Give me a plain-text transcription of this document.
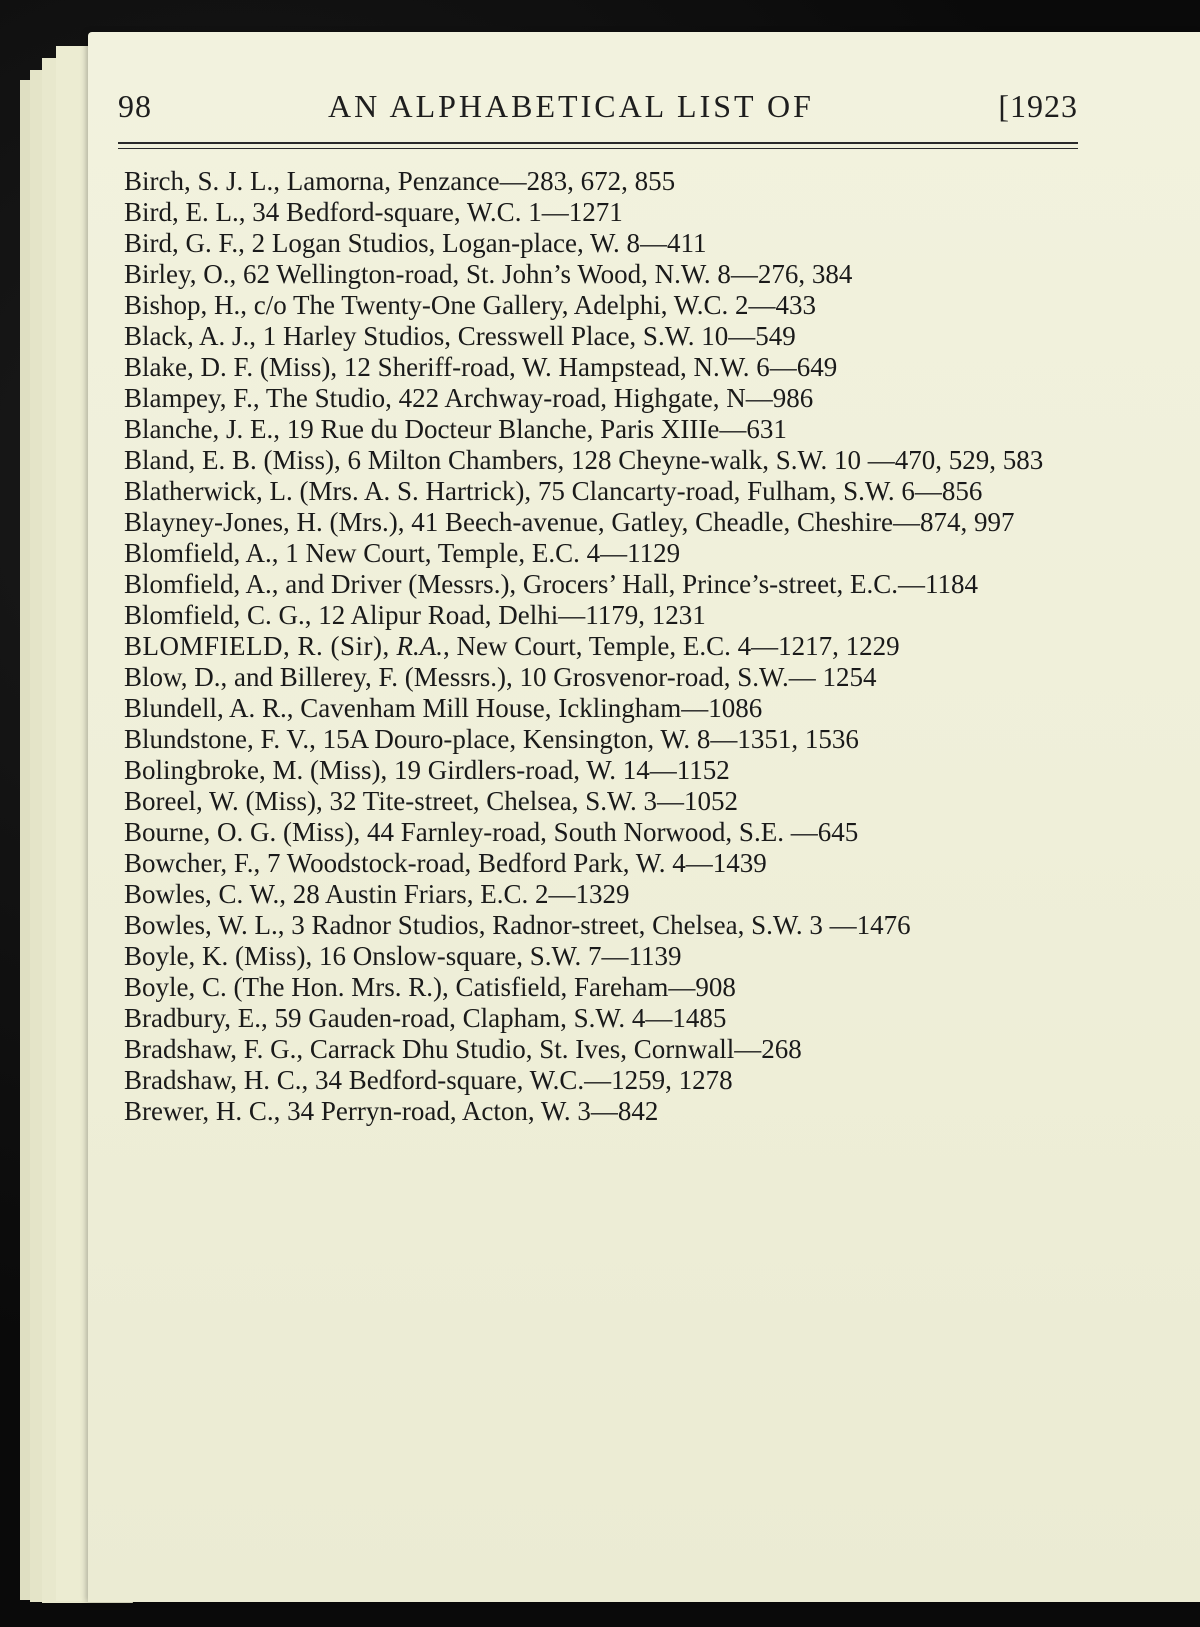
98	AN ALPHABETICAL LIST OF	[1923
Birch, S. J. L., Lamorna, Penzance—283, 672, 855
Bird, E. L., 34 Bedford-square, W.C. 1—1271
Bird, G. F., 2 Logan Studios, Logan-place, W. 8—411
Birley, O., 62 Wellington-road, St. John’s Wood, N.W. 8—276, 384
Bishop, H., c/o The Twenty-One Gallery, Adelphi, W.C. 2—433
Black, A. J., 1 Harley Studios, Cresswell Place, S.W. 10—549
Blake, D. F. (Miss), 12 Sheriff-road, W. Hampstead, N.W. 6—649
Blampey, F., The Studio, 422 Archway-road, Highgate, N—986
Blanche, J. E., 19 Rue du Docteur Blanche, Paris XIIIe—631
Bland, E. B. (Miss), 6 Milton Chambers, 128 Cheyne-walk, S.W. 10 —470, 529, 583
Blatherwick, L. (Mrs. A. S. Hartrick), 75 Clancarty-road, Fulham, S.W. 6—856
Blayney-Jones, H. (Mrs.), 41 Beech-avenue, Gatley, Cheadle, Cheshire—874, 997
Blomfield, A., 1 New Court, Temple, E.C. 4—1129
Blomfield, A., and Driver (Messrs.), Grocers’ Hall, Prince’s-street, E.C.—1184
Blomfield, C. G., 12 Alipur Road, Delhi—1179, 1231
BLOMFIELD, R. (Sir), R.A., New Court, Temple, E.C. 4—1217, 1229
Blow, D., and Billerey, F. (Messrs.), 10 Grosvenor-road, S.W.— 1254
Blundell, A. R., Cavenham Mill House, Icklingham—1086
Blundstone, F. V., 15A Douro-place, Kensington, W. 8—1351, 1536
Bolingbroke, M. (Miss), 19 Girdlers-road, W. 14—1152
Boreel, W. (Miss), 32 Tite-street, Chelsea, S.W. 3—1052
Bourne, O. G. (Miss), 44 Farnley-road, South Norwood, S.E. —645
Bowcher, F., 7 Woodstock-road, Bedford Park, W. 4—1439
Bowles, C. W., 28 Austin Friars, E.C. 2—1329
Bowles, W. L., 3 Radnor Studios, Radnor-street, Chelsea, S.W. 3 —1476
Boyle, K. (Miss), 16 Onslow-square, S.W. 7—1139
Boyle, C. (The Hon. Mrs. R.), Catisfield, Fareham—908
Bradbury, E., 59 Gauden-road, Clapham, S.W. 4—1485
Bradshaw, F. G., Carrack Dhu Studio, St. Ives, Cornwall—268
Bradshaw, H. C., 34 Bedford-square, W.C.—1259, 1278
Brewer, H. C., 34 Perryn-road, Acton, W. 3—842
